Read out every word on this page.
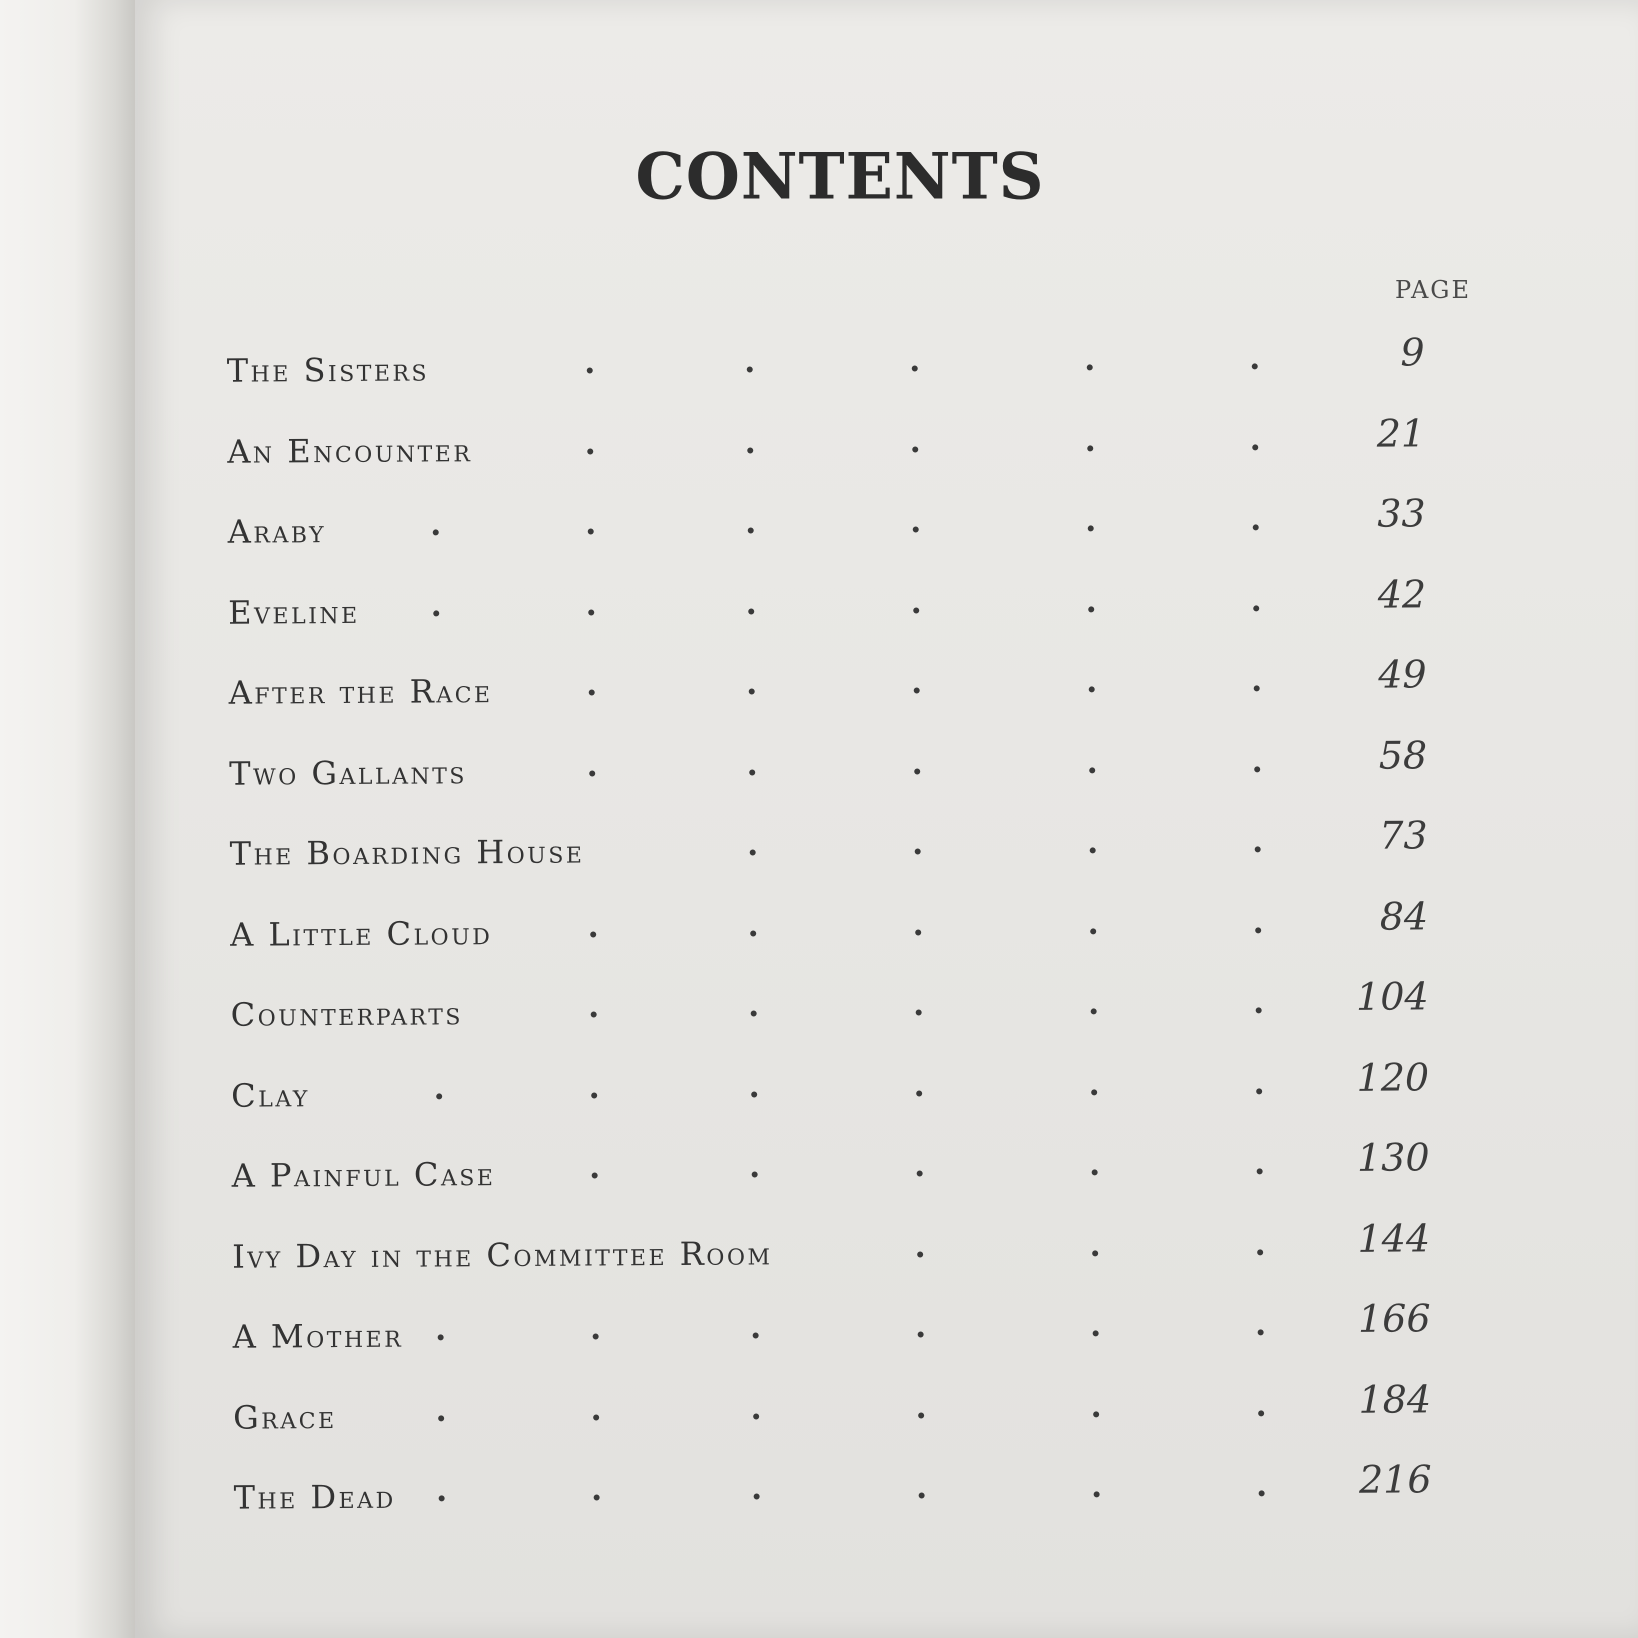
CONTENTS
PAGE
The Sisters	9
An Encounter	21
Araby	33
Eveline	42
After the Race	49
Two Gallants	58
The Boarding House	73
A Little Cloud	84
Counterparts	104
Clay	120
A Painful Case	130
Ivy Day in the Committee Room	144
A Mother	166
Grace	184
The Dead	216
